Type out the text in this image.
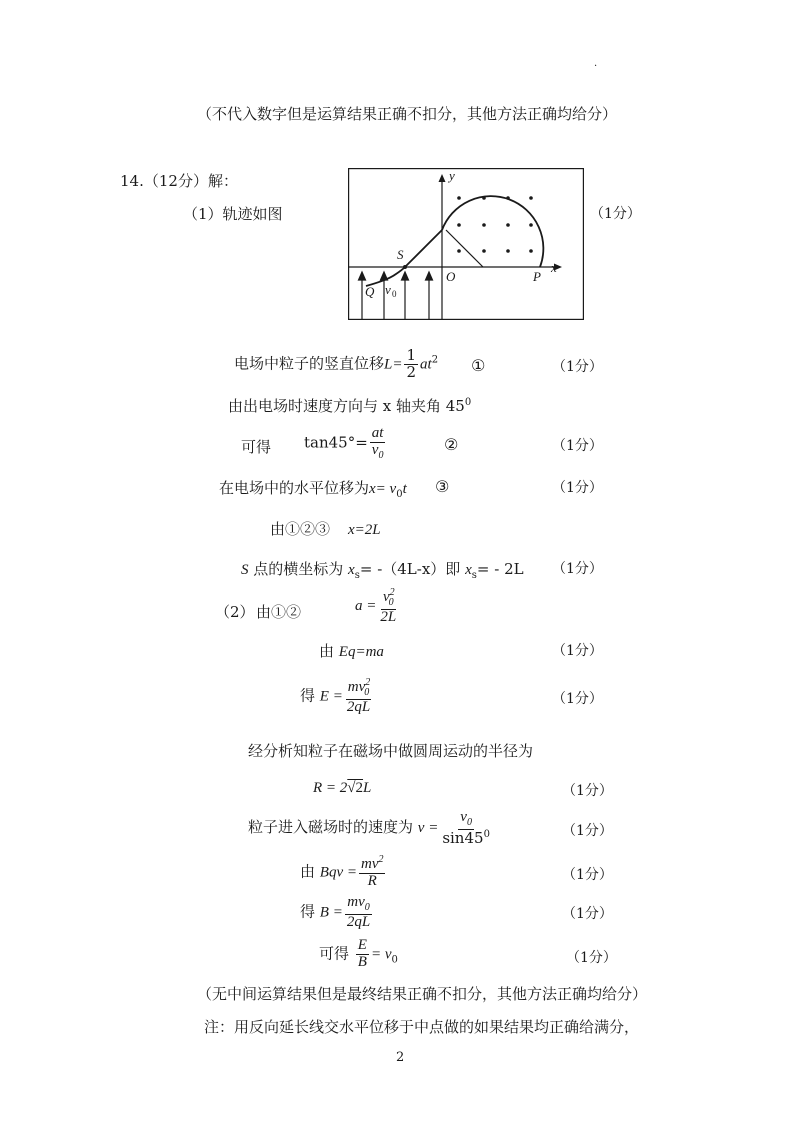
.
（不代入数字但是运算结果正确不扣分，其他方法正确均给分）
14.（12分）解：
（1）轨迹如图	（1分）
y
x
S
O	P
Q v 0
电场中粒子的竖直位移$L= \frac{1}{2} at^2$ ①	（1分）
由出电场时速度方向与 x 轴夹角 $45^0$
可得 $\tan 45^\circ= \frac{at}{v_0}$	②	（1分）
在电场中的水平位移为$x= v_0t$ ③	（1分）
由①②③ x=2L
S 点的横坐标为 $x_s= -(4L-x)$即 $x_s= - 2L$ （1分）
（2） 由①②	$a = \frac{v^2_0}{2L}$
由 Eq=ma	（1分）
得 $E = \frac{mv^2_0}{2qL}$	（1分）
经分析知粒子在磁场中做圆周运动的半径为
R = 2√2L	（1分）
粒子进入磁场时的速度为 $v = \frac{v_0}{\sin 45^0}$	（1分）
由 Bqv = $\frac{mv^2}{R}$	（1分）
得 $B = \frac{mv_0}{2qL}$	（1分）
可得 $\frac{E}{B} = v_0$	（1分）
（无中间运算结果但是最终结果正确不扣分，其他方法正确均给分）
注：用反向延长线交水平位移于中点做的如果结果均正确给满分，
2
